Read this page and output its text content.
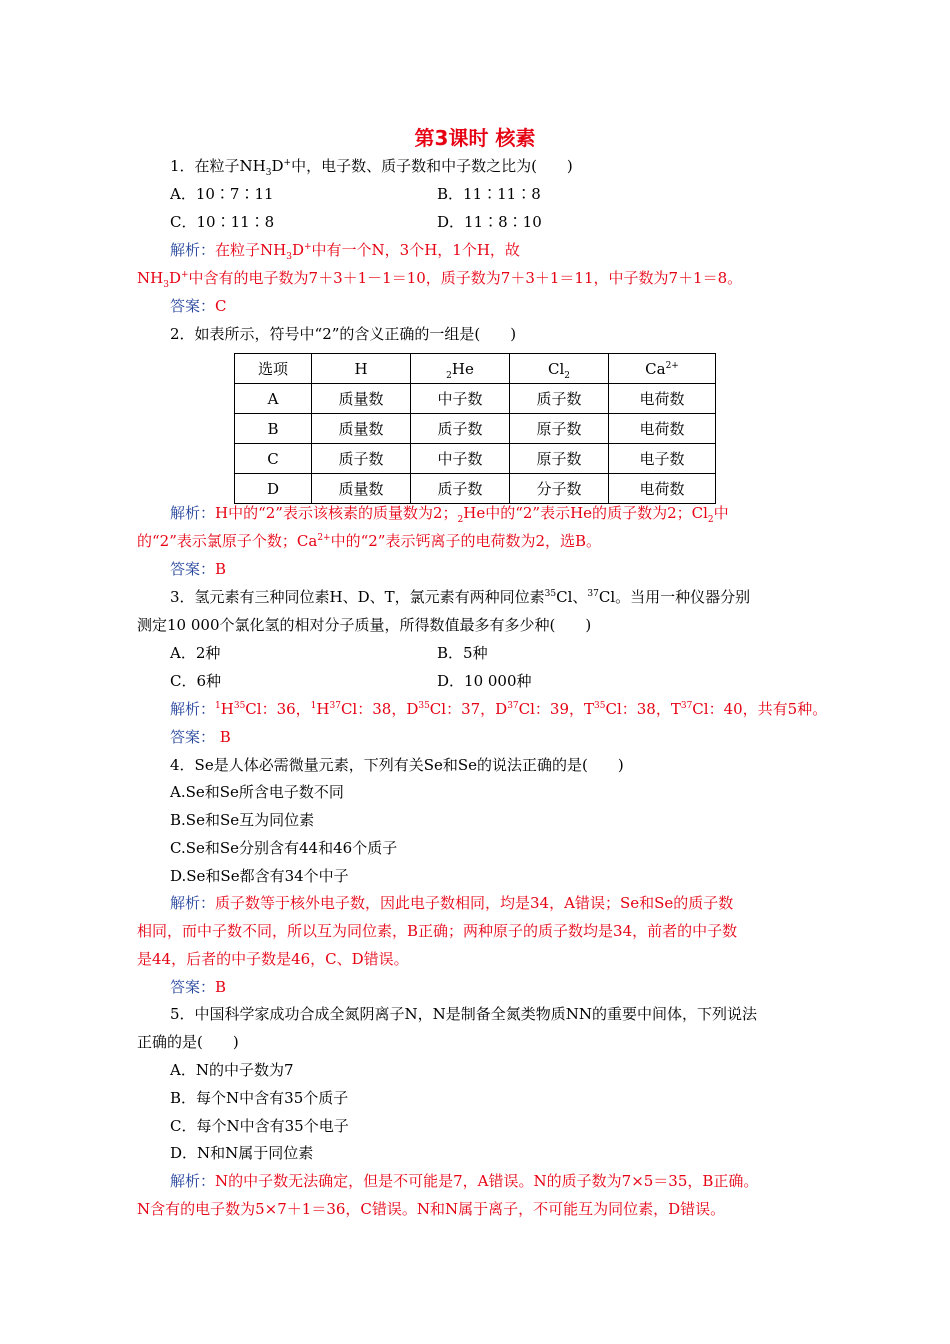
第3课时 核素
1．在粒子$NH_3D^+$中，电子数、质子数和中子数之比为(　　)
A．10∶7∶11	B．11∶11∶8
C．10∶11∶8	D．11∶8∶10
解析：在粒子$NH_3D^+$中有一个N，3个H，1个H，故
$NH_3D^+$中含有的电子数为7＋3＋1－1＝10，质子数为7＋3＋1＝11，中子数为7＋1＝8。
答案：C
2．如表所示，符号中“2”的含义正确的一组是(　　)
选项	H	$_2$He	$Cl_2$	$Ca^{2+}$
A	质量数	中子数	质子数	电荷数
B	质量数	质子数	原子数	电荷数
C	质子数	中子数	原子数	电子数
D	质量数	质子数	分子数	电荷数
解析：H中的“2”表示该核素的质量数为2；$_2$He中的“2”表示He的质子数为2；$Cl_2$中
的“2”表示氯原子个数；$Ca^{2+}$中的“2”表示钙离子的电荷数为2，选B。
答案：B
3．氢元素有三种同位素H、D、T，氯元素有两种同位素$^{35}$Cl、$^{37}$Cl。当用一种仪器分别
测定10 000个氯化氢的相对分子质量，所得数值最多有多少种(　　)
A．2种	B．5种
C．6种	D．10 000种
解析：$^1H^{35}Cl$：36，$^1H^{37}Cl$：38，$D^{35}Cl$：37，$D^{37}Cl$：39，$T^{35}Cl$：38，$T^{37}Cl$：40，共有5种。
答案： B
4．Se是人体必需微量元素，下列有关Se和Se的说法正确的是(　　)
A.Se和Se所含电子数不同
B.Se和Se互为同位素
C.Se和Se分别含有44和46个质子
D.Se和Se都含有34个中子
解析：质子数等于核外电子数，因此电子数相同，均是34，A错误；Se和Se的质子数
相同，而中子数不同，所以互为同位素，B正确；两种原子的质子数均是34，前者的中子数
是44，后者的中子数是46，C、D错误。
答案：B
5．中国科学家成功合成全氮阴离子N，N是制备全氮类物质NN的重要中间体，下列说法
正确的是(　　)
A．N的中子数为7
B．每个N中含有35个质子
C．每个N中含有35个电子
D．N和N属于同位素
解析：N的中子数无法确定，但是不可能是7，A错误。N的质子数为7×5＝35，B正确。
N含有的电子数为5×7＋1＝36，C错误。N和N属于离子，不可能互为同位素，D错误。
